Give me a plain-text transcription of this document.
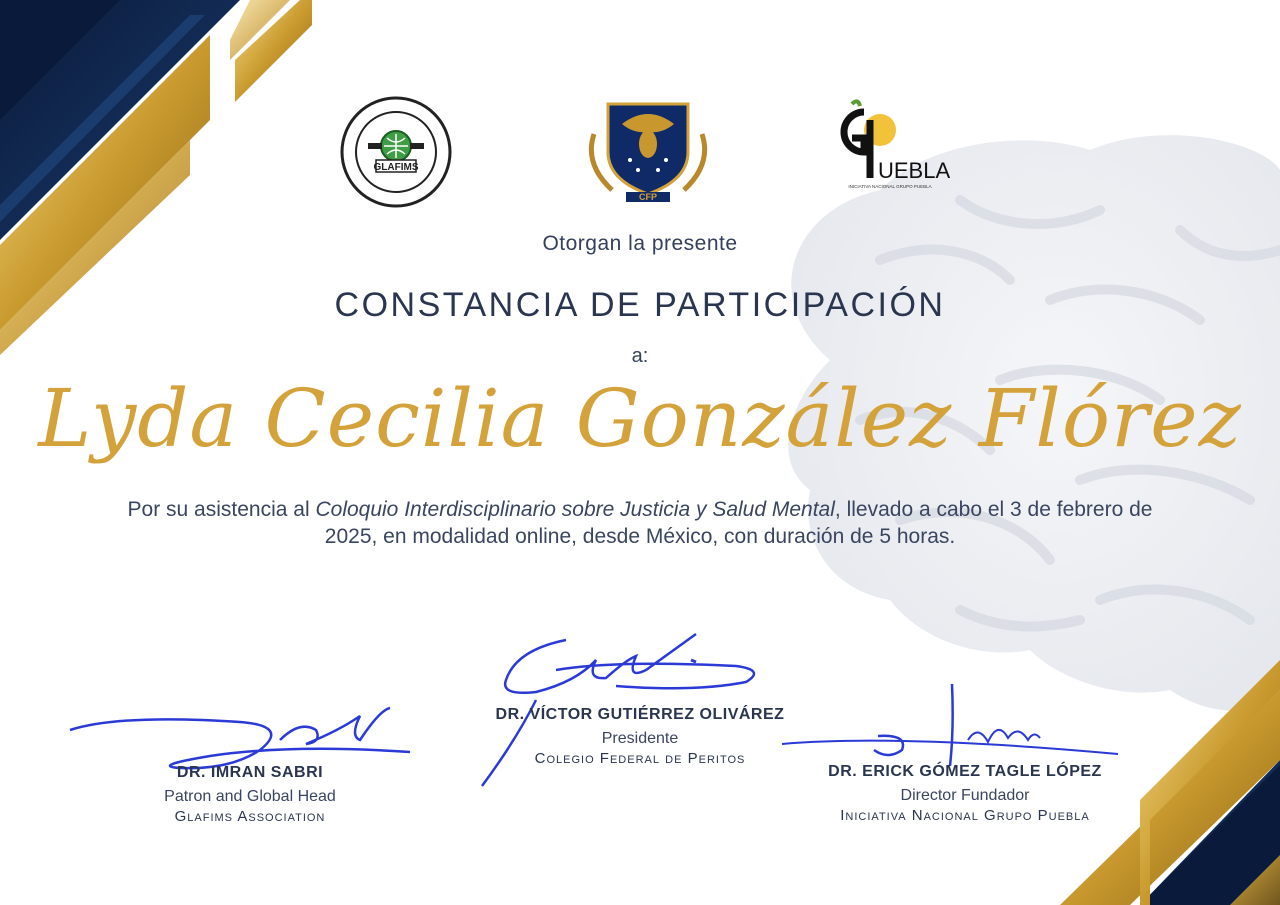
GLAFIMS
CFP
UEBLA
INICIATIVA NACIONAL GRUPO PUEBLA
Otorgan la presente
CONSTANCIA DE PARTICIPACIÓN
a:
Lyda Cecilia González Flórez
Por su asistencia al Coloquio Interdisciplinario sobre Justicia y Salud Mental, llevado a cabo el 3 de febrero de 2025, en modalidad online, desde México, con duración de 5 horas.
DR. IMRAN SABRI
Patron and Global Head
Glafims Association
DR. VÍCTOR GUTIÉRREZ OLIVÁREZ
Presidente
Colegio Federal de Peritos
DR. ERICK GÓMEZ TAGLE LÓPEZ
Director Fundador
Iniciativa Nacional Grupo Puebla
